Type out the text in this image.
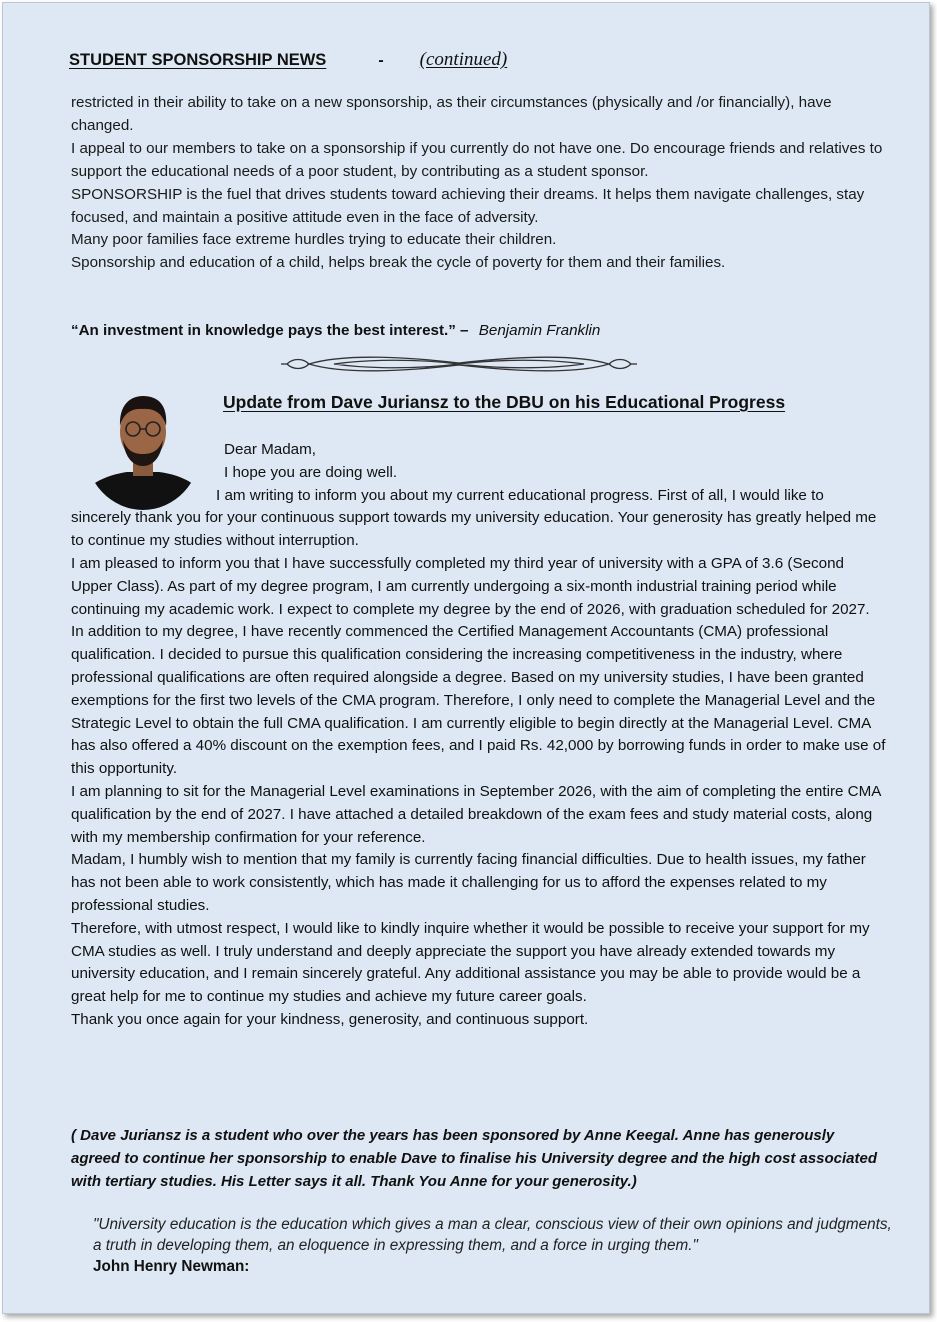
STUDENT SPONSORSHIP NEWS	- (continued)

restricted in their ability to take on a new sponsorship, as their circumstances (physically and /or financially), have changed.

I appeal to our members to take on a sponsorship if you currently do not have one. Do encourage friends and relatives to support the educational needs of a poor student, by contributing as a student sponsor.

SPONSORSHIP is the fuel that drives students toward achieving their dreams. It helps them navigate challenges, stay focused, and maintain a positive attitude even in the face of adversity.

Many poor families face extreme hurdles trying to educate their children.

Sponsorship and education of a child, helps break the cycle of poverty for them and their families.

“An investment in knowledge pays the best interest.” – Benjamin Franklin
Update from Dave Juriansz to the DBU on his Educational Progress

Dear Madam,

I hope you are doing well.

I am writing to inform you about my current educational progress. First of all, I would like to sincerely thank you for your continuous support towards my university education. Your generosity has greatly helped me to continue my studies without interruption.

I am pleased to inform you that I have successfully completed my third year of university with a GPA of 3.6 (Second Upper Class). As part of my degree program, I am currently undergoing a six-month industrial training period while continuing my academic work. I expect to complete my degree by the end of 2026, with graduation scheduled for 2027.

In addition to my degree, I have recently commenced the Certified Management Accountants (CMA) professional qualification. I decided to pursue this qualification considering the increasing competitiveness in the industry, where professional qualifications are often required alongside a degree. Based on my university studies, I have been granted exemptions for the first two levels of the CMA program. Therefore, I only need to complete the Managerial Level and the Strategic Level to obtain the full CMA qualification. I am currently eligible to begin directly at the Managerial Level. CMA has also offered a 40% discount on the exemption fees, and I paid Rs. 42,000 by borrowing funds in order to make use of this opportunity.

I am planning to sit for the Managerial Level examinations in September 2026, with the aim of completing the entire CMA qualification by the end of 2027. I have attached a detailed breakdown of the exam fees and study material costs, along with my membership confirmation for your reference.

Madam, I humbly wish to mention that my family is currently facing financial difficulties. Due to health issues, my father has not been able to work consistently, which has made it challenging for us to afford the expenses related to my professional studies.

Therefore, with utmost respect, I would like to kindly inquire whether it would be possible to receive your support for my CMA studies as well. I truly understand and deeply appreciate the support you have already extended towards my university education, and I remain sincerely grateful. Any additional assistance you may be able to provide would be a great help for me to continue my studies and achieve my future career goals.

Thank you once again for your kindness, generosity, and continuous support.

( Dave Juriansz is a student who over the years has been sponsored by Anne Keegal. Anne has generously agreed to continue her sponsorship to enable Dave to finalise his University degree and the high cost associated with tertiary studies. His Letter says it all. Thank You Anne for your generosity.)

"University education is the education which gives a man a clear, conscious view of their own opinions and judgments, a truth in developing them, an eloquence in expressing them, and a force in urging them."

John Henry Newman:
